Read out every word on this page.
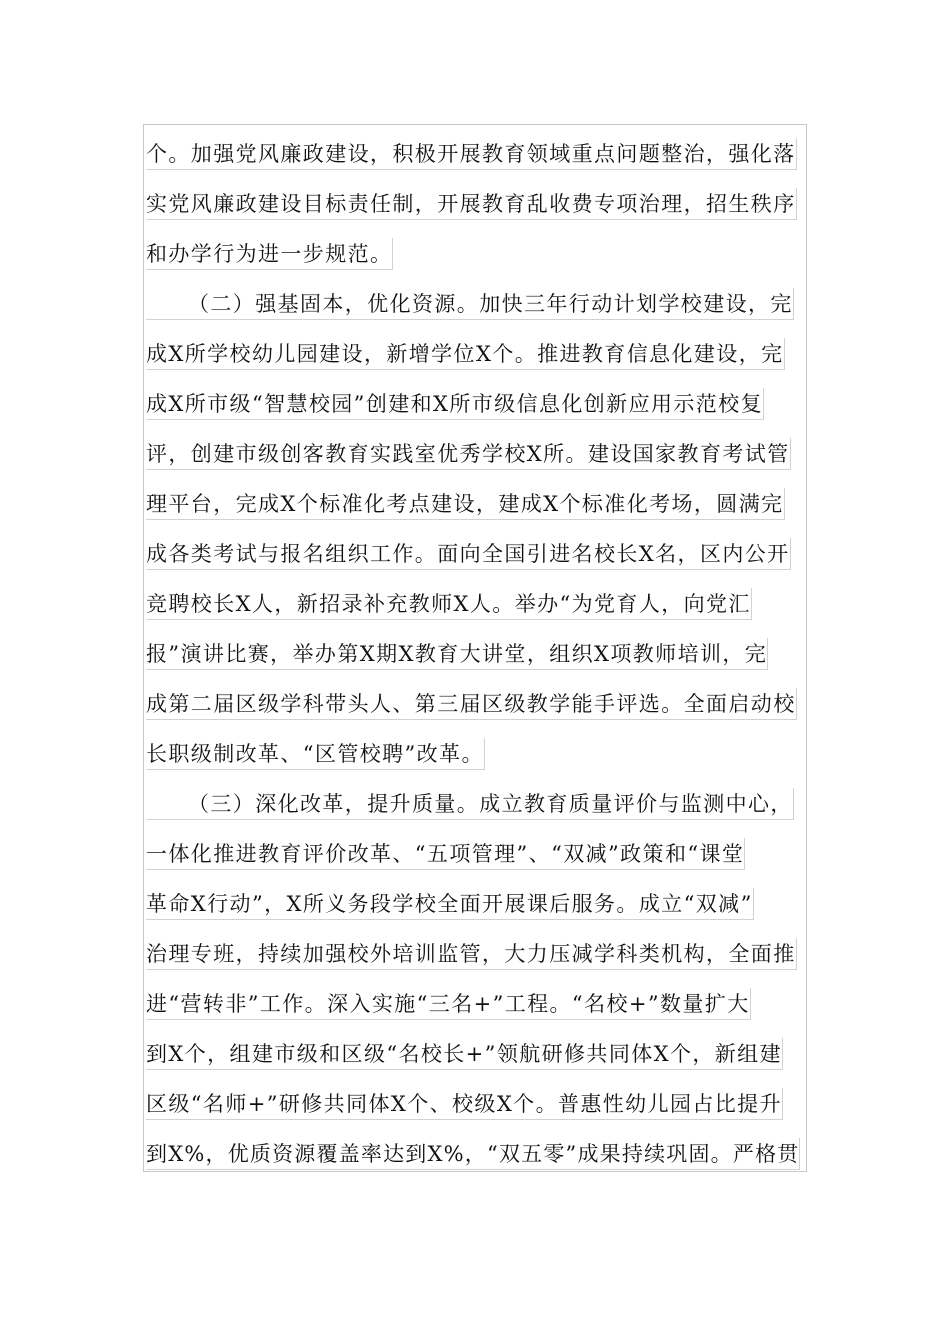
个。加强党风廉政建设，积极开展教育领域重点问题整治，强化落
实党风廉政建设目标责任制，开展教育乱收费专项治理，招生秩序
和办学行为进一步规范。
（二）强基固本，优化资源。加快三年行动计划学校建设，完
成X所学校幼儿园建设，新增学位X个。推进教育信息化建设，完
成X所市级“智慧校园”创建和X所市级信息化创新应用示范校复
评，创建市级创客教育实践室优秀学校X所。建设国家教育考试管
理平台，完成X个标准化考点建设，建成X个标准化考场，圆满完
成各类考试与报名组织工作。面向全国引进名校长X名，区内公开
竞聘校长X人，新招录补充教师X人。举办“为党育人，向党汇
报”演讲比赛，举办第X期X教育大讲堂，组织X项教师培训，完
成第二届区级学科带头人、第三届区级教学能手评选。全面启动校
长职级制改革、“区管校聘”改革。
（三）深化改革，提升质量。成立教育质量评价与监测中心，
一体化推进教育评价改革、“五项管理”、“双减”政策和“课堂
革命X行动”，X所义务段学校全面开展课后服务。成立“双减”
治理专班，持续加强校外培训监管，大力压减学科类机构，全面推
进“营转非”工作。深入实施“三名+”工程。“名校+”数量扩大
到X个，组建市级和区级“名校长+”领航研修共同体X个，新组建
区级“名师+”研修共同体X个、校级X个。普惠性幼儿园占比提升
到X%，优质资源覆盖率达到X%，“双五零”成果持续巩固。严格贯
